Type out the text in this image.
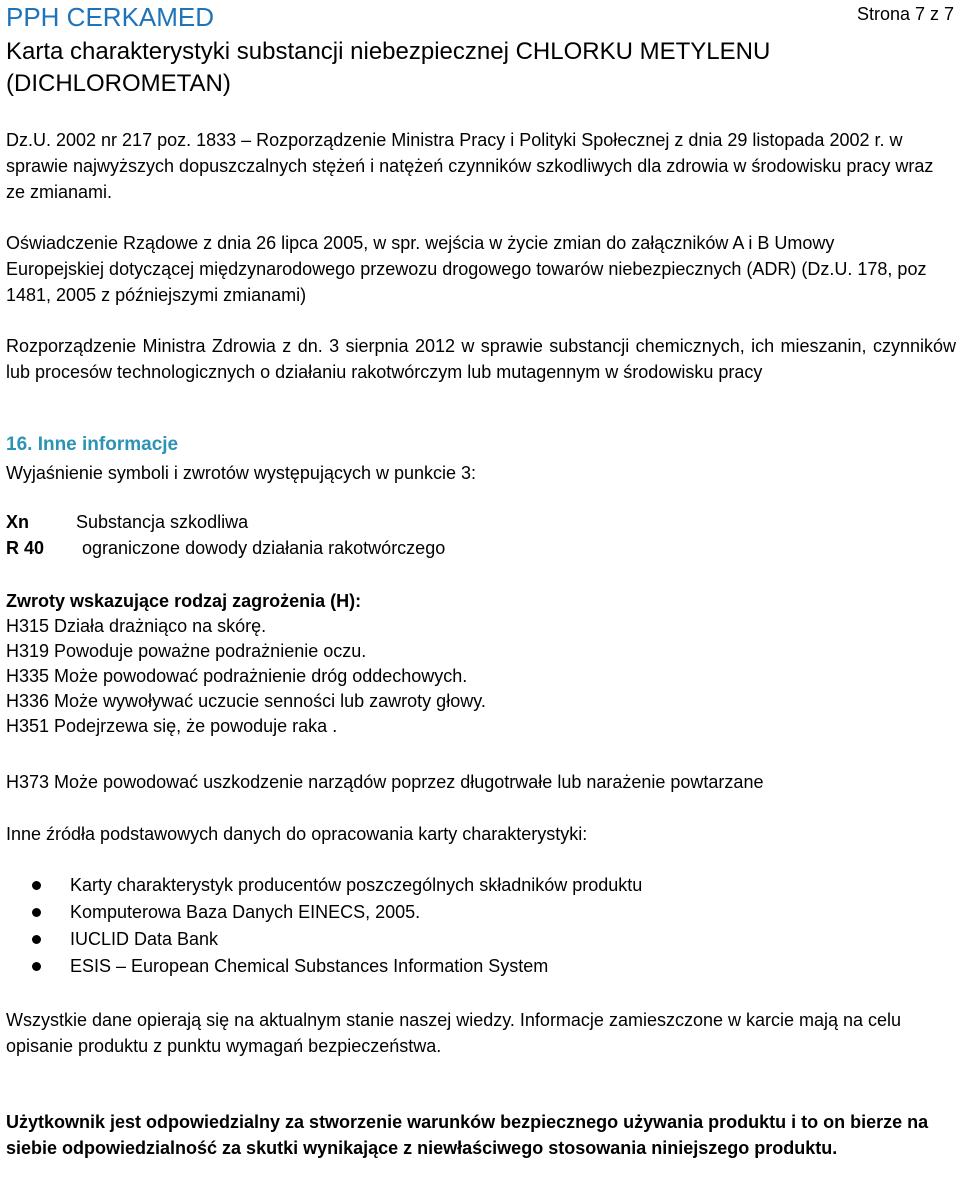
PPH CERKAMED	Strona 7 z 7
Karta charakterystyki substancji niebezpiecznej CHLORKU METYLENU (DICHLOROMETAN)

Dz.U. 2002 nr 217 poz. 1833 – Rozporządzenie Ministra Pracy i Polityki Społecznej z dnia 29 listopada 2002 r. w sprawie najwyższych dopuszczalnych stężeń i natężeń czynników szkodliwych dla zdrowia w środowisku pracy wraz ze zmianami.

Oświadczenie Rządowe z dnia 26 lipca 2005, w spr. wejścia w życie zmian do załączników A i B Umowy Europejskiej dotyczącej międzynarodowego przewozu drogowego towarów niebezpiecznych (ADR) (Dz.U. 178, poz 1481, 2005 z późniejszymi zmianami)

Rozporządzenie Ministra Zdrowia z dn. 3 sierpnia 2012 w sprawie substancji chemicznych, ich mieszanin, czynników lub procesów technologicznych o działaniu rakotwórczym lub mutagennym w środowisku pracy

16. Inne informacje
Wyjaśnienie symboli i zwrotów występujących w punkcie 3:
Xn	Substancja szkodliwa
R 40 ograniczone dowody działania rakotwórczego
Zwroty wskazujące rodzaj zagrożenia (H):
H315 Działa drażniąco na skórę.
H319 Powoduje poważne podrażnienie oczu.
H335 Może powodować podrażnienie dróg oddechowych.
H336 Może wywoływać uczucie senności lub zawroty głowy.
H351 Podejrzewa się, że powoduje raka .
H373 Może powodować uszkodzenie narządów poprzez długotrwałe lub narażenie powtarzane
Inne źródła podstawowych danych do opracowania karty charakterystyki:
Karty charakterystyk producentów poszczególnych składników produktu
Komputerowa Baza Danych EINECS, 2005.
IUCLID Data Bank
ESIS – European Chemical Substances Information System

Wszystkie dane opierają się na aktualnym stanie naszej wiedzy. Informacje zamieszczone w karcie mają na celu opisanie produktu z punktu wymagań bezpieczeństwa.

Użytkownik jest odpowiedzialny za stworzenie warunków bezpiecznego używania produktu i to on bierze na siebie odpowiedzialność za skutki wynikające z niewłaściwego stosowania niniejszego produktu.
